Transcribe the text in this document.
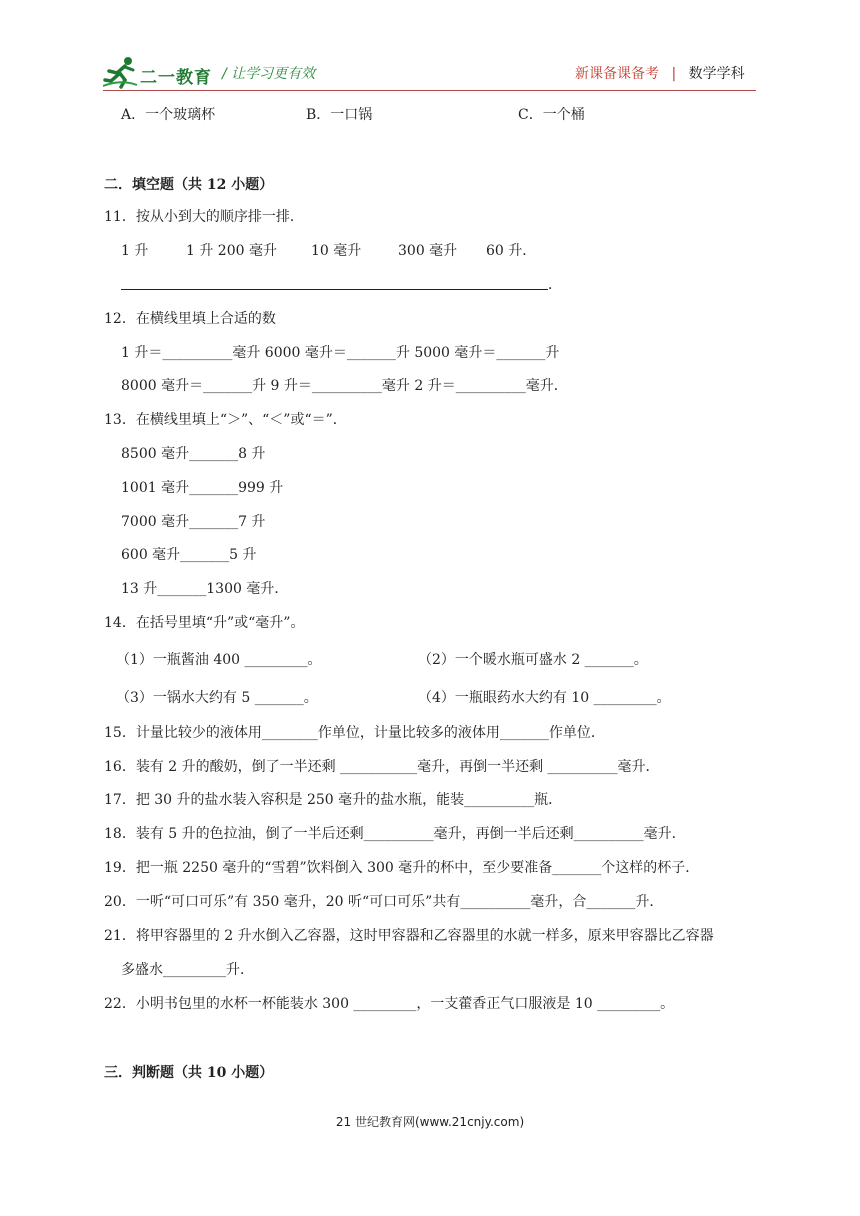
二一教育 / 让学习更有效	新课备课备考 | 数学学科
A．一个玻璃杯	B．一口锅	C．一个桶
二．填空题（共 12 小题）
11．按从小到大的顺序排一排．
1 升	1 升 200 毫升 10 毫升	300 毫升 60 升．
．
12．在横线里填上合适的数
1 升＝__________毫升 6000 毫升＝_______升 5000 毫升＝_______升
8000 毫升＝_______升 9 升＝__________毫升 2 升＝__________毫升．
13．在横线里填上“＞”、“＜”或“＝”．
8500 毫升_______8 升
1001 毫升_______999 升
7000 毫升_______7 升
600 毫升_______5 升
13 升_______1300 毫升．
14．在括号里填“升”或“毫升”。
（1）一瓶酱油 400 _________。	（2）一个暖水瓶可盛水 2 _______。
（3）一锅水大约有 5 _______。	（4）一瓶眼药水大约有 10 _________。
15．计量比较少的液体用________作单位，计量比较多的液体用_______作单位．
16．装有 2 升的酸奶，倒了一半还剩 ___________毫升，再倒一半还剩 __________毫升．
17．把 30 升的盐水装入容积是 250 毫升的盐水瓶，能装__________瓶．
18．装有 5 升的色拉油，倒了一半后还剩__________毫升，再倒一半后还剩__________毫升．
19．把一瓶 2250 毫升的“雪碧”饮料倒入 300 毫升的杯中，至少要准备_______个这样的杯子．
20．一听“可口可乐”有 350 毫升，20 听“可口可乐”共有__________毫升，合_______升．
21．将甲容器里的 2 升水倒入乙容器，这时甲容器和乙容器里的水就一样多，原来甲容器比乙容器
多盛水_________升．
22．小明书包里的水杯一杯能装水 300 _________，一支藿香正气口服液是 10 _________。
三．判断题（共 10 小题）
21 世纪教育网(www.21cnjy.com)
